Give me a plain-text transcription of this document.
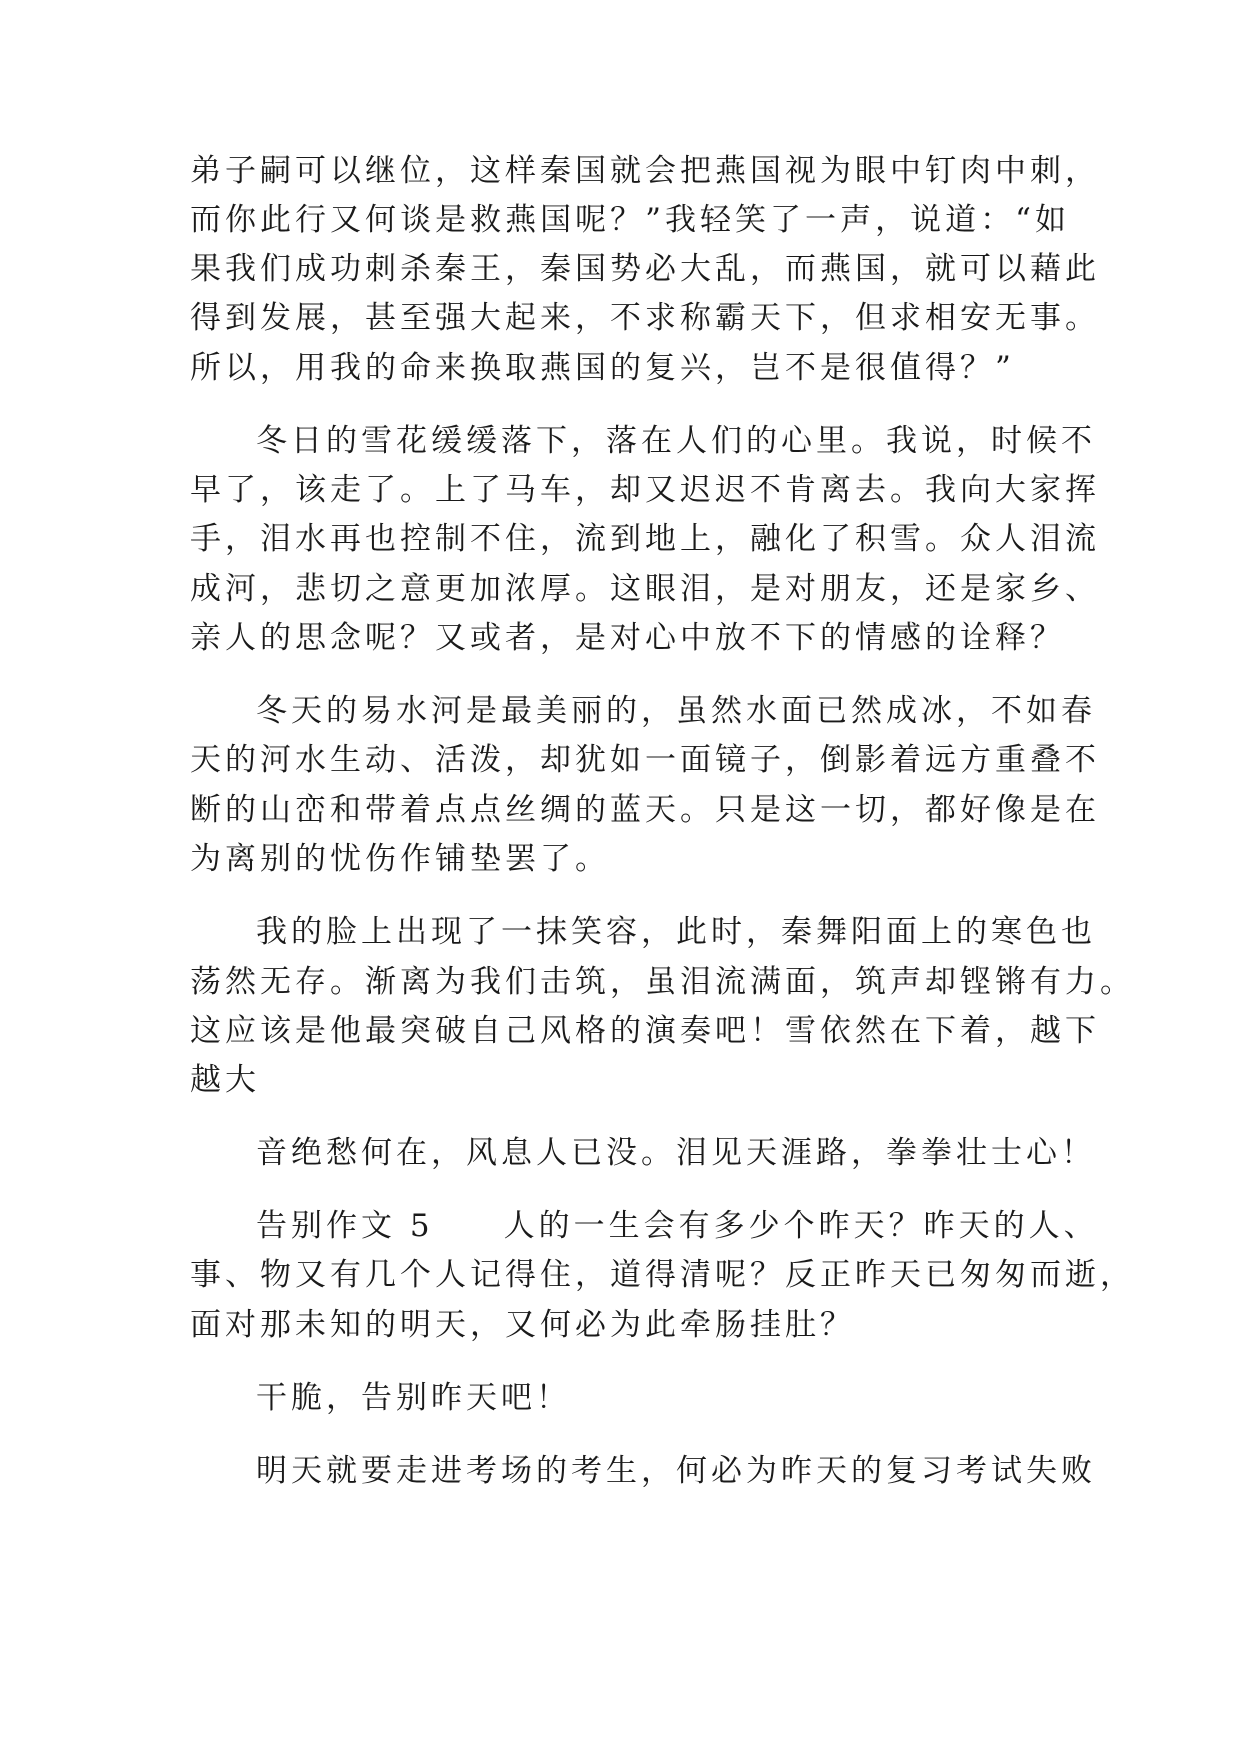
弟子嗣可以继位，这样秦国就会把燕国视为眼中钉肉中刺，
而你此行又何谈是救燕国呢？”我轻笑了一声，说道：“如
果我们成功刺杀秦王，秦国势必大乱，而燕国，就可以藉此
得到发展，甚至强大起来，不求称霸天下，但求相安无事。
所以，用我的命来换取燕国的复兴，岂不是很值得？”
冬日的雪花缓缓落下，落在人们的心里。我说，时候不
早了，该走了。上了马车，却又迟迟不肯离去。我向大家挥
手，泪水再也控制不住，流到地上，融化了积雪。众人泪流
成河，悲切之意更加浓厚。这眼泪，是对朋友，还是家乡、
亲人的思念呢？又或者，是对心中放不下的情感的诠释？
冬天的易水河是最美丽的，虽然水面已然成冰，不如春
天的河水生动、活泼，却犹如一面镜子，倒影着远方重叠不
断的山峦和带着点点丝绸的蓝天。只是这一切，都好像是在
为离别的忧伤作铺垫罢了。
我的脸上出现了一抹笑容，此时，秦舞阳面上的寒色也
荡然无存。渐离为我们击筑，虽泪流满面，筑声却铿锵有力。
这应该是他最突破自己风格的演奏吧！雪依然在下着，越下
越大
音绝愁何在，风息人已没。泪见天涯路，拳拳壮士心！
告别作文 5　　人的一生会有多少个昨天？昨天的人、
事、物又有几个人记得住，道得清呢？反正昨天已匆匆而逝，
面对那未知的明天，又何必为此牵肠挂肚？
干脆，告别昨天吧！
明天就要走进考场的考生，何必为昨天的复习考试失败
